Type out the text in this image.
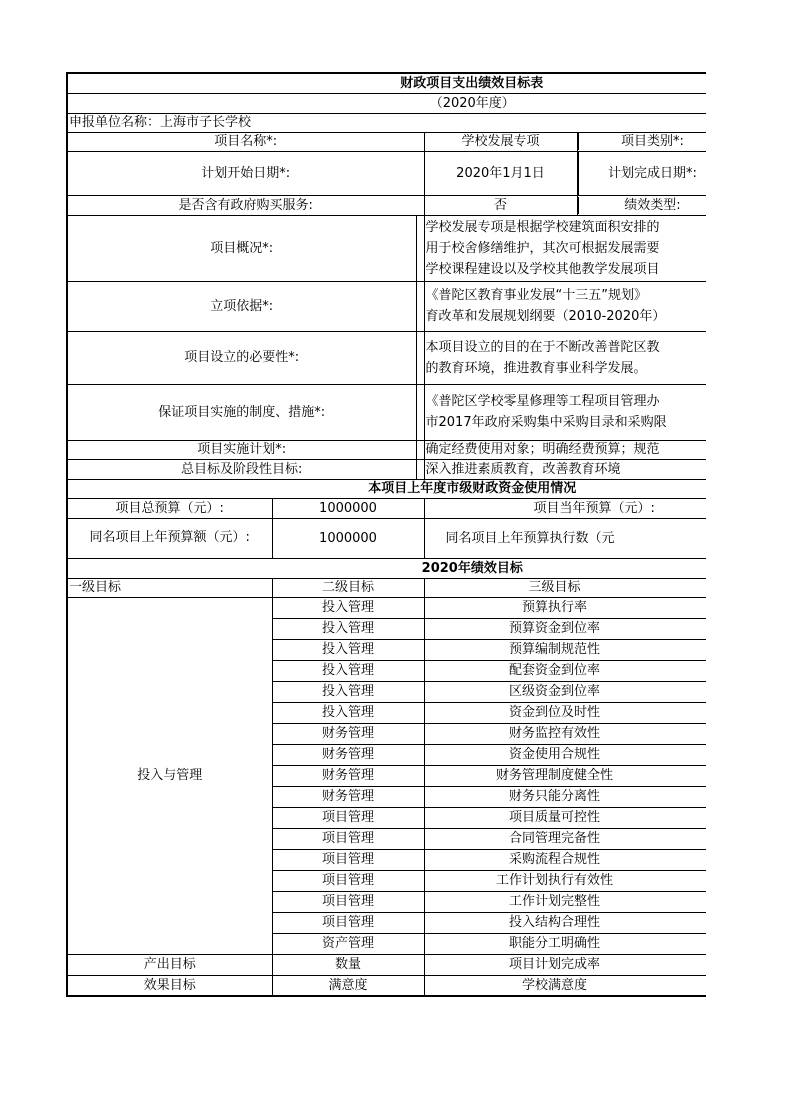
财政项目支出绩效目标表				
（2020年度）				
申报单位名称：上海市子长学校				
项目名称*:			学校发展专项	项目类别*:
计划开始日期*:			2020年1月1日	计划完成日期*:
是否含有政府购买服务:			否	绩效类型:
项目概况*:			学校发展专项是根据学校建筑面积安排的
用于校舍修缮维护，其次可根据发展需要
学校课程建设以及学校其他教学发展项目	

立项依据*:			《普陀区教育事业发展“十三五”规划》
育改革和发展规划纲要（2010-2020年）	

项目设立的必要性*:			本项目设立的目的在于不断改善普陀区教
的教育环境，推进教育事业科学发展。	

保证项目实施的制度、措施*:			《普陀区学校零星修理等工程项目管理办
市2017年政府采购集中采购目录和采购限	

项目实施计划*:			确定经费使用对象；明确经费预算；规范	
总目标及阶段性目标:			深入推进素质教育，改善教育环境	
本项目上年度市级财政资金使用情况				
项目总预算（元）:	1000000		项目当年预算（元）:	
同名项目上年预算额（元）:	1000000		同名项目上年预算执行数（元	
2020年绩效目标				
一级目标	二级目标		三级目标	
投入与管理	投入管理		预算执行率	
	投入管理		预算资金到位率	
	投入管理		预算编制规范性	
	投入管理		配套资金到位率	
	投入管理		区级资金到位率	
	投入管理		资金到位及时性	
	财务管理		财务监控有效性	
	财务管理		资金使用合规性	
	财务管理		财务管理制度健全性	
	财务管理		财务只能分离性	
	项目管理		项目质量可控性	
	项目管理		合同管理完备性	
	项目管理		采购流程合规性	
	项目管理		工作计划执行有效性	
	项目管理		工作计划完整性	
	项目管理		投入结构合理性	
	资产管理		职能分工明确性	
产出目标	数量		项目计划完成率	
效果目标	满意度		学校满意度	
